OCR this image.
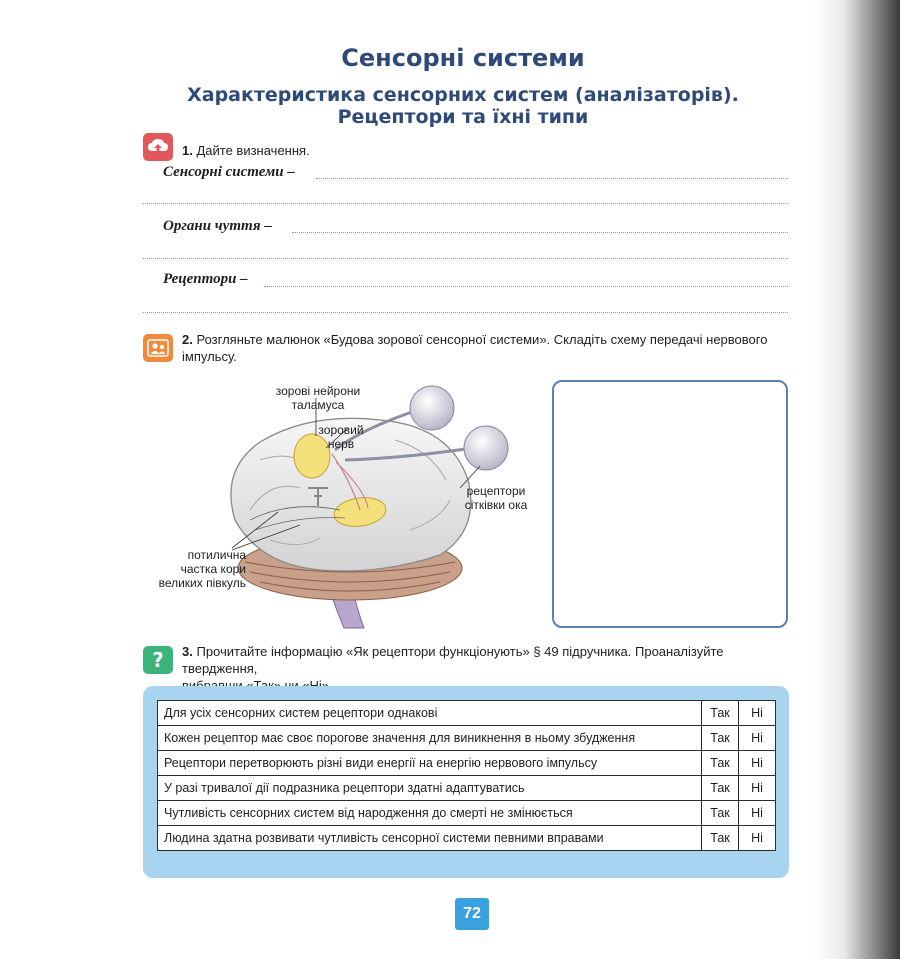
Сенсорні системи
Характеристика сенсорних систем (аналізаторів).
Рецептори та їхні типи
1. Дайте визначення.
Сенсорні системи –
Органи чуття –
Рецептори –
2. Розгляньте малюнок «Будова зорової сенсорної системи». Складіть схему передачі нервового
імпульсу.
зорові нейрони
таламуса
зоровий
нерв
рецептори
сітківки ока
потилична
частка кори
великих півкуль
? 3. Прочитайте інформацію «Як рецептори функціонують» § 49 підручника. Проаналізуйте твердження,
Для усіх сенсорних систем рецептори однакові	Так	Ні
Кожен рецептор має своє порогове значення для виникнення в ньому збудження	Так	Ні
Рецептори перетворюють різні види енергії на енергію нервового імпульсу	Так	Ні
У разі тривалої дії подразника рецептори здатні адаптуватись	Так	Ні
Чутливість сенсорних систем від народження до смерті не змінюється	Так	Ні
Людина здатна розвивати чутливість сенсорної системи певними вправами	Так	Ні
72
